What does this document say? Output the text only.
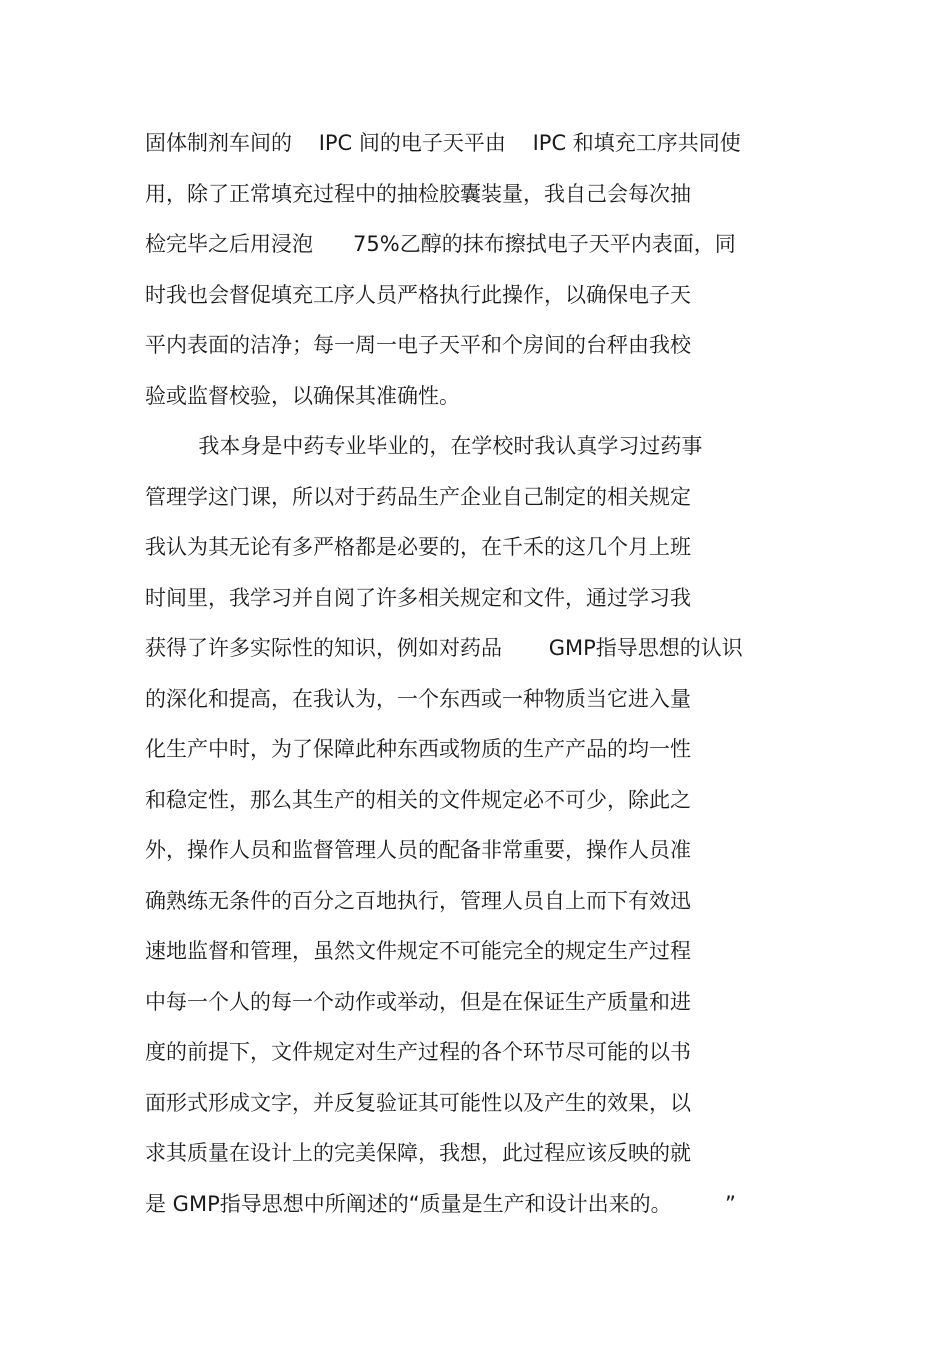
固体制剂车间的    IPC 间的电子天平由    IPC 和填充工序共同使
用，除了正常填充过程中的抽检胶囊装量，我自己会每次抽
检完毕之后用浸泡      75%乙醇的抹布擦拭电子天平内表面，同
时我也会督促填充工序人员严格执行此操作，以确保电子天
平内表面的洁净；每一周一电子天平和个房间的台秤由我校
验或监督校验，以确保其准确性。
我本身是中药专业毕业的，在学校时我认真学习过药事
管理学这门课，所以对于药品生产企业自己制定的相关规定
我认为其无论有多严格都是必要的，在千禾的这几个月上班
时间里，我学习并自阅了许多相关规定和文件，通过学习我
获得了许多实际性的知识，例如对药品       GMP指导思想的认识
的深化和提高，在我认为，一个东西或一种物质当它进入量
化生产中时，为了保障此种东西或物质的生产产品的均一性
和稳定性，那么其生产的相关的文件规定必不可少，除此之
外，操作人员和监督管理人员的配备非常重要，操作人员准
确熟练无条件的百分之百地执行，管理人员自上而下有效迅
速地监督和管理，虽然文件规定不可能完全的规定生产过程
中每一个人的每一个动作或举动，但是在保证生产质量和进
度的前提下，文件规定对生产过程的各个环节尽可能的以书
面形式形成文字，并反复验证其可能性以及产生的效果，以
求其质量在设计上的完美保障，我想，此过程应该反映的就
是 GMP指导思想中所阐述的“质量是生产和设计出来的。        ”
